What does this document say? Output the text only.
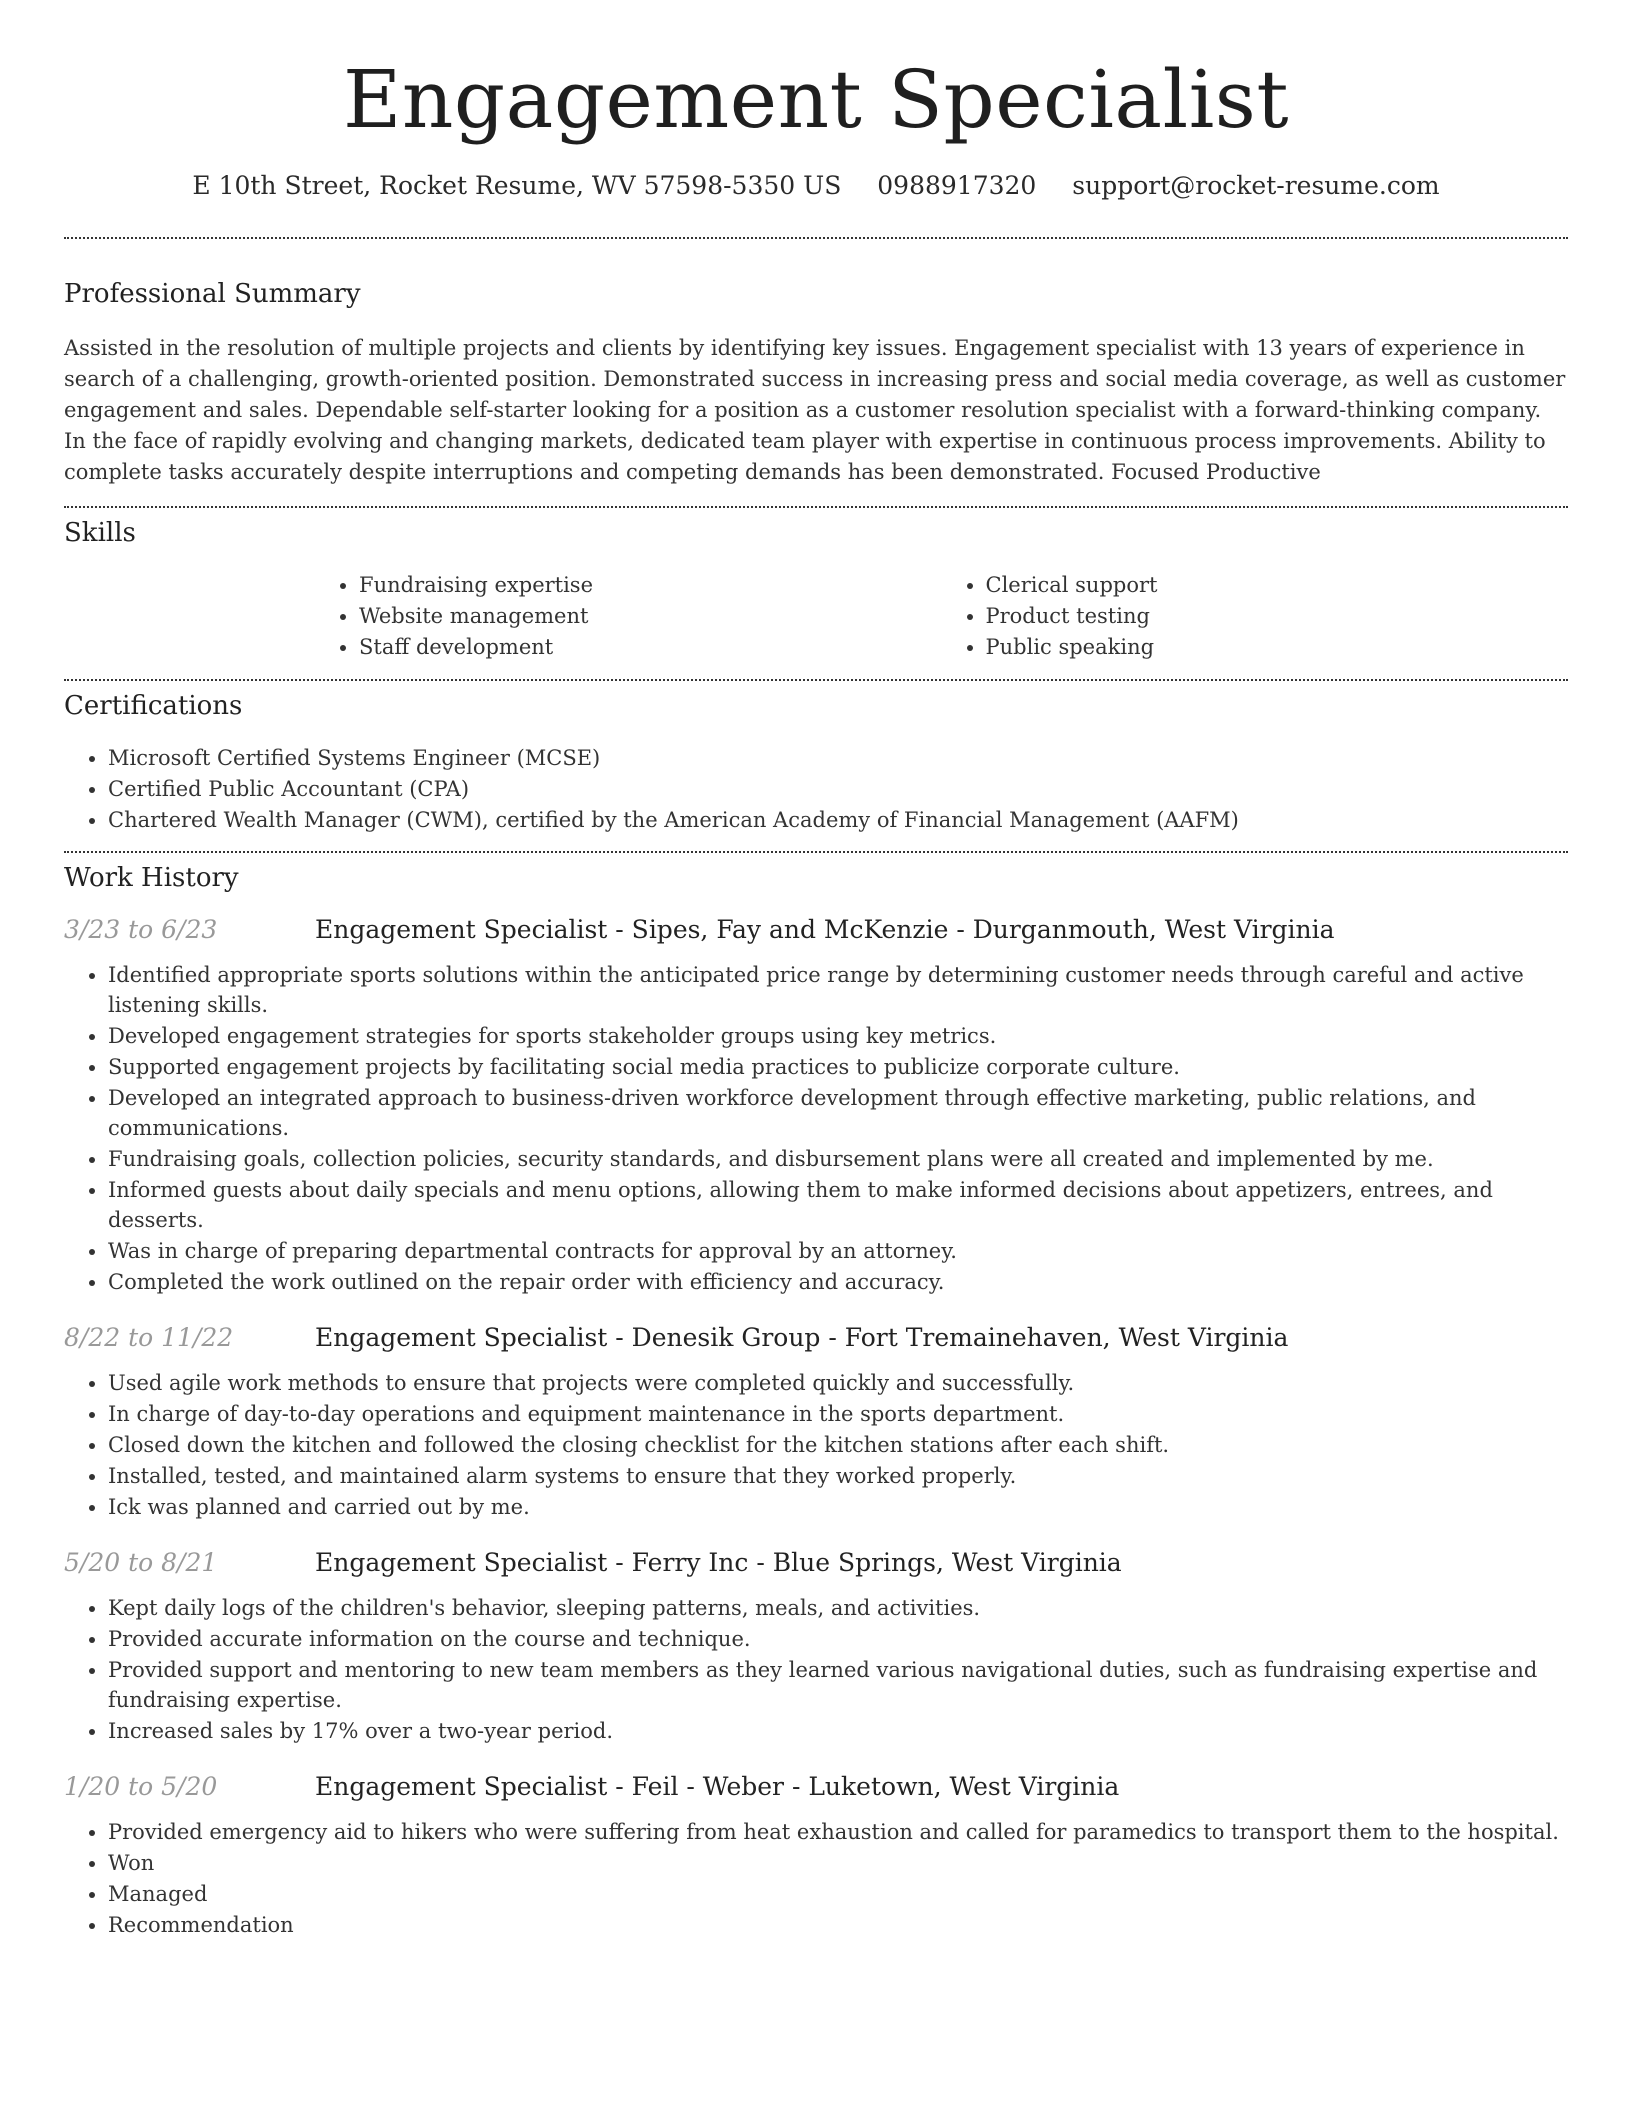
Engagement Specialist
E 10th Street, Rocket Resume, WV 57598-5350 US 0988917320 support@rocket-resume.com
Professional Summary

Assisted in the resolution of multiple projects and clients by identifying key issues. Engagement specialist with 13 years of experience in search of a challenging, growth-oriented position. Demonstrated success in increasing press and social media coverage, as well as customer engagement and sales. Dependable self-starter looking for a position as a customer resolution specialist with a forward-thinking company. In the face of rapidly evolving and changing markets, dedicated team player with expertise in continuous process improvements. Ability to complete tasks accurately despite interruptions and competing demands has been demonstrated. Focused Productive

Skills
• Fundraising expertise
• Website management
• Staff development
• Clerical support
• Product testing
• Public speaking
Certifications
• Microsoft Certified Systems Engineer (MCSE)
• Certified Public Accountant (CPA)
• Chartered Wealth Manager (CWM), certified by the American Academy of Financial Management (AAFM)
Work History
3/23 to 6/23	Engagement Specialist - Sipes, Fay and McKenzie - Durganmouth, West Virginia
• Identified appropriate sports solutions within the anticipated price range by determining customer needs through careful and active listening skills.
• Developed engagement strategies for sports stakeholder groups using key metrics.
• Supported engagement projects by facilitating social media practices to publicize corporate culture.
• Developed an integrated approach to business-driven workforce development through effective marketing, public relations, and communications.
• Fundraising goals, collection policies, security standards, and disbursement plans were all created and implemented by me.
• Informed guests about daily specials and menu options, allowing them to make informed decisions about appetizers, entrees, and desserts.
• Was in charge of preparing departmental contracts for approval by an attorney.
• Completed the work outlined on the repair order with efficiency and accuracy.
8/22 to 11/22	Engagement Specialist - Denesik Group - Fort Tremainehaven, West Virginia
• Used agile work methods to ensure that projects were completed quickly and successfully.
• In charge of day-to-day operations and equipment maintenance in the sports department.
• Closed down the kitchen and followed the closing checklist for the kitchen stations after each shift.
• Installed, tested, and maintained alarm systems to ensure that they worked properly.
• Ick was planned and carried out by me.
5/20 to 8/21	Engagement Specialist - Ferry Inc - Blue Springs, West Virginia
• Kept daily logs of the children's behavior, sleeping patterns, meals, and activities.
• Provided accurate information on the course and technique.
• Provided support and mentoring to new team members as they learned various navigational duties, such as fundraising expertise and fundraising expertise.
• Increased sales by 17% over a two-year period.
1/20 to 5/20	Engagement Specialist - Feil - Weber - Luketown, West Virginia
• Provided emergency aid to hikers who were suffering from heat exhaustion and called for paramedics to transport them to the hospital.
• Won
• Managed
• Recommendation
